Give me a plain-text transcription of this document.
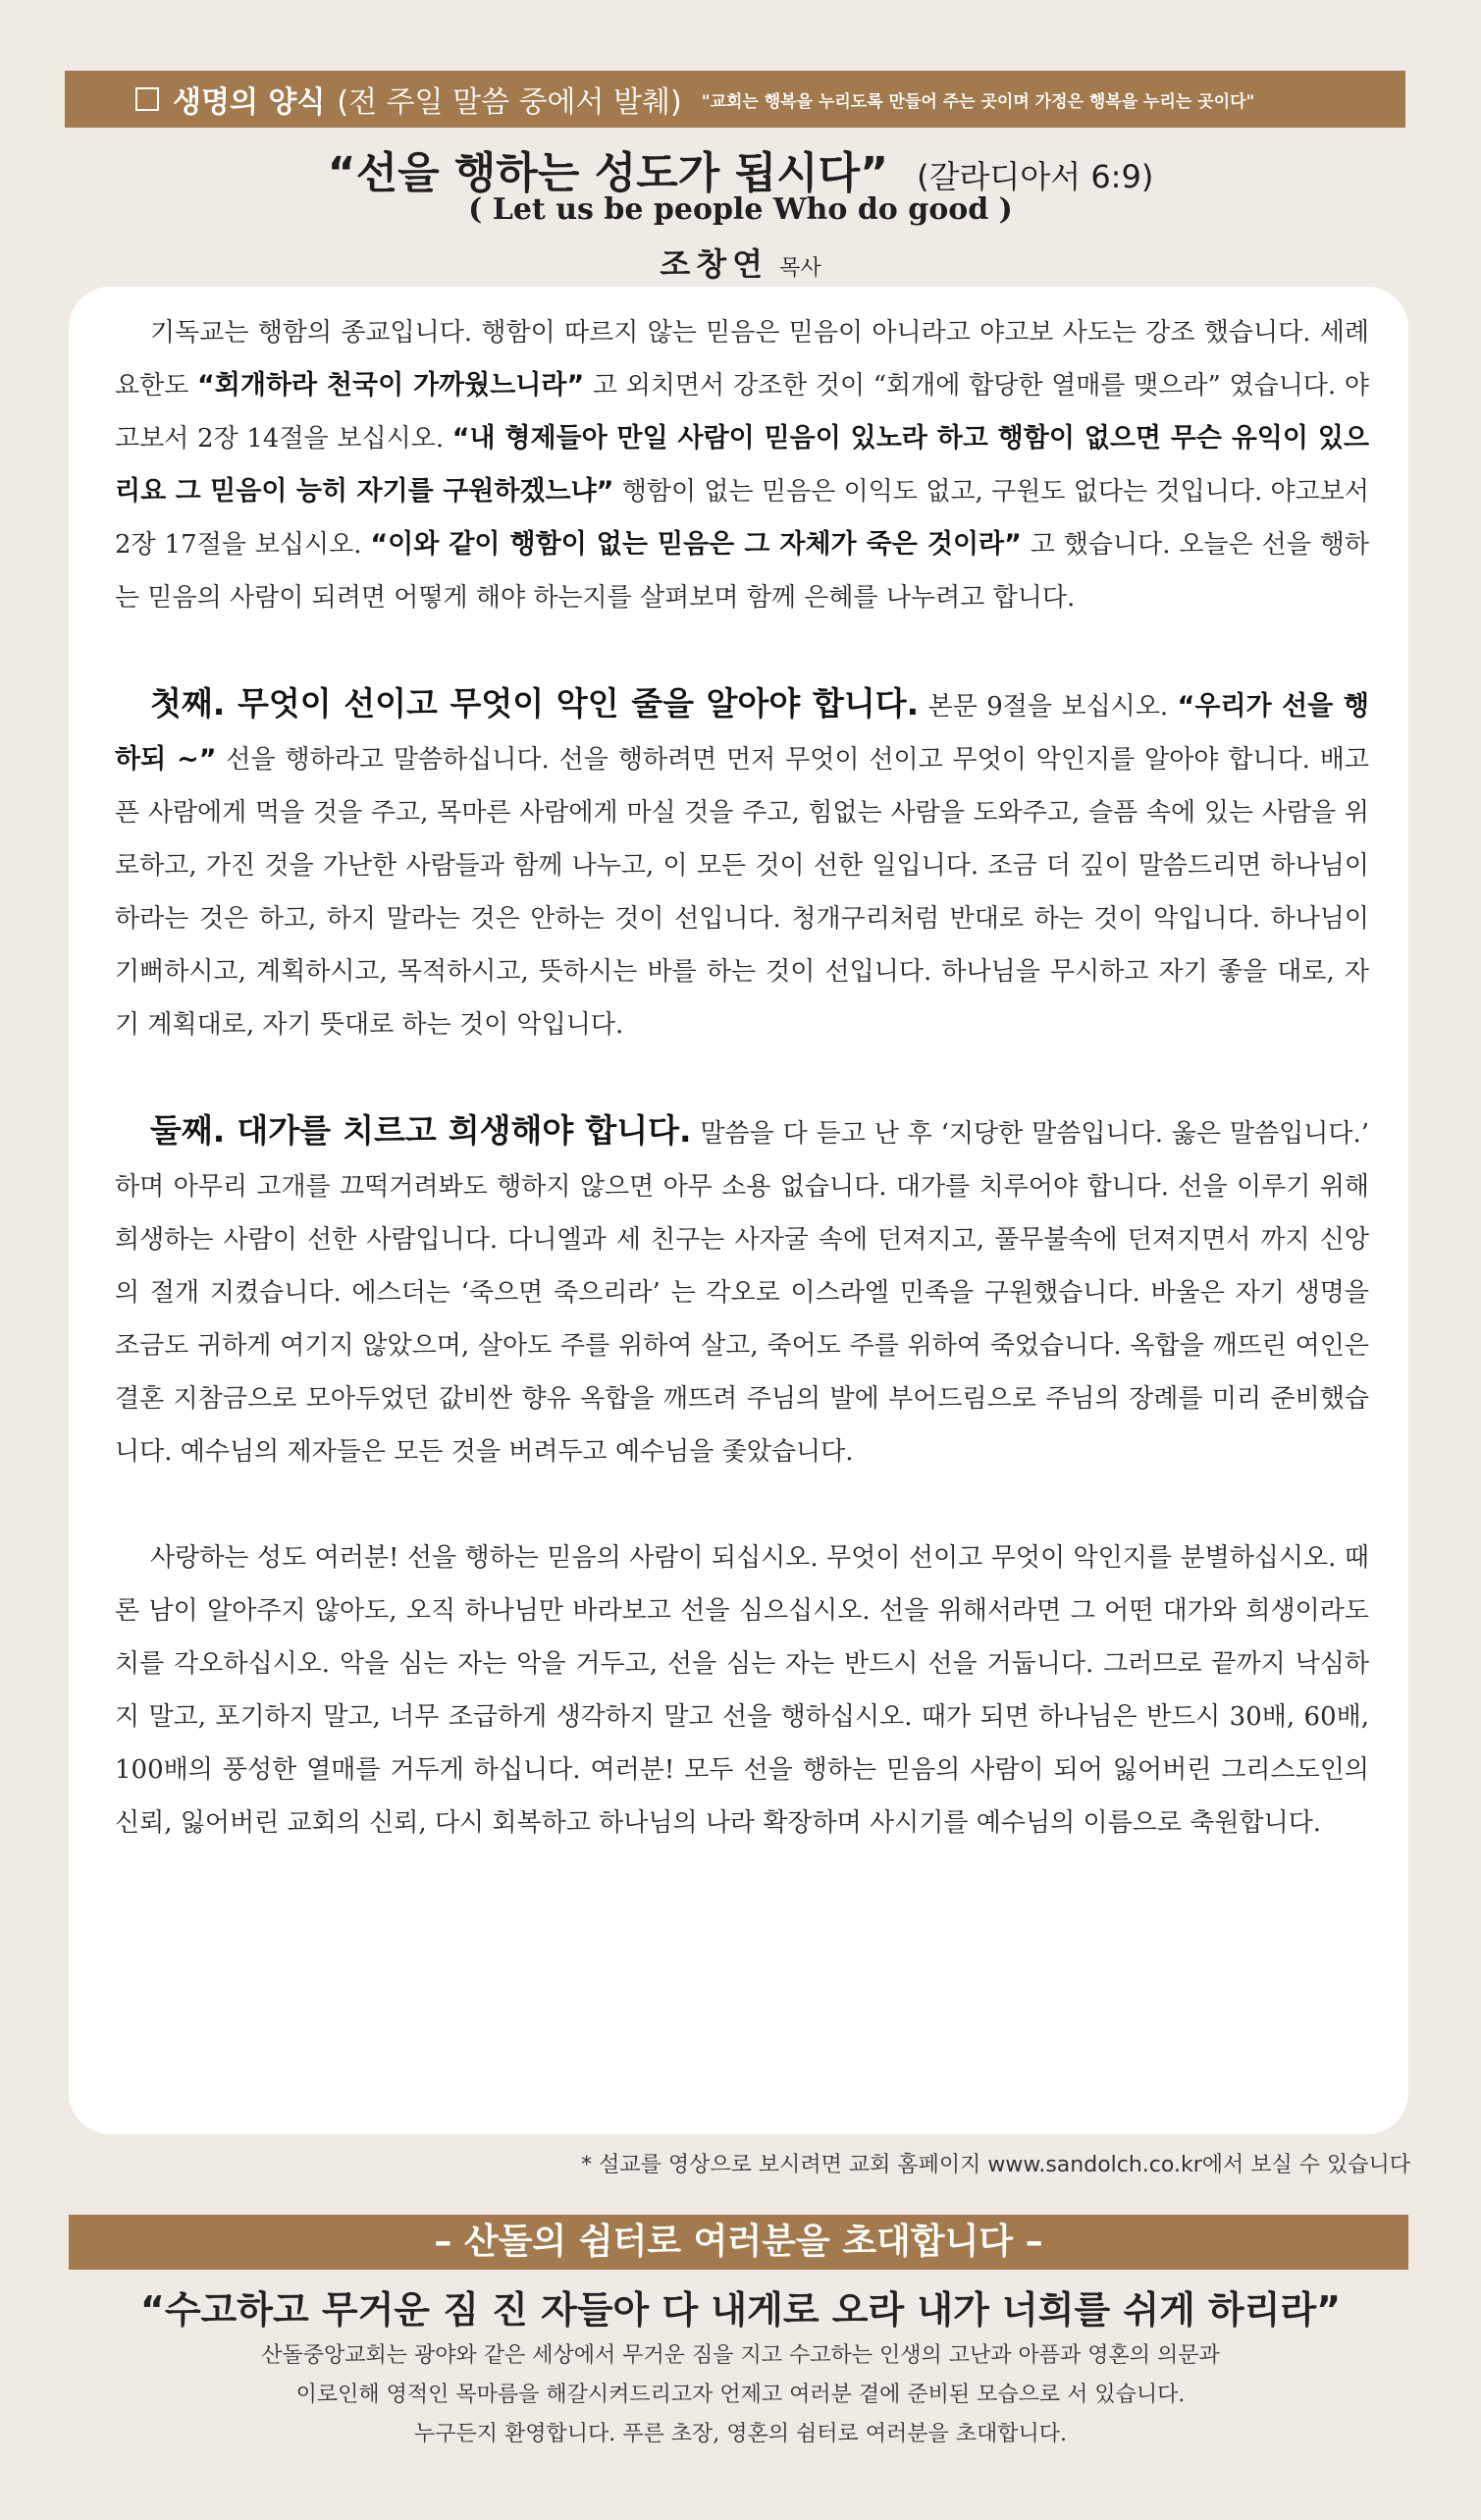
생명의 양식 (전 주일 말씀 중에서 발췌) "교회는 행복을 누리도록 만들어 주는 곳이며 가정은 행복을 누리는 곳이다"
“선을 행하는 성도가 됩시다” (갈라디아서 6:9)
( Let us be people Who do good )
조창연 목사

기독교는 행함의 종교입니다. 행함이 따르지 않는 믿음은 믿음이 아니라고 야고보 사도는 강조 했습니다. 세례요한도 “회개하라 천국이 가까웠느니라” 고 외치면서 강조한 것이 “회개에 합당한 열매를 맺으라” 였습니다. 야고보서 2장 14절을 보십시오. “내 형제들아 만일 사람이 믿음이 있노라 하고 행함이 없으면 무슨 유익이 있으리요 그 믿음이 능히 자기를 구원하겠느냐” 행함이 없는 믿음은 이익도 없고, 구원도 없다는 것입니다. 야고보서 2장 17절을 보십시오. “이와 같이 행함이 없는 믿음은 그 자체가 죽은 것이라” 고 했습니다. 오늘은 선을 행하는 믿음의 사람이 되려면 어떻게 해야 하는지를 살펴보며 함께 은혜를 나누려고 합니다.

첫째. 무엇이 선이고 무엇이 악인 줄을 알아야 합니다. 본문 9절을 보십시오. “우리가 선을 행하되 ~” 선을 행하라고 말씀하십니다. 선을 행하려면 먼저 무엇이 선이고 무엇이 악인지를 알아야 합니다. 배고픈 사람에게 먹을 것을 주고, 목마른 사람에게 마실 것을 주고, 힘없는 사람을 도와주고, 슬픔 속에 있는 사람을 위로하고, 가진 것을 가난한 사람들과 함께 나누고, 이 모든 것이 선한 일입니다. 조금 더 깊이 말씀드리면 하나님이 하라는 것은 하고, 하지 말라는 것은 안하는 것이 선입니다. 청개구리처럼 반대로 하는 것이 악입니다. 하나님이 기뻐하시고, 계획하시고, 목적하시고, 뜻하시는 바를 하는 것이 선입니다. 하나님을 무시하고 자기 좋을 대로, 자기 계획대로, 자기 뜻대로 하는 것이 악입니다.

둘째. 대가를 치르고 희생해야 합니다. 말씀을 다 듣고 난 후 ‘지당한 말씀입니다. 옳은 말씀입니다.’ 하며 아무리 고개를 끄떡거려봐도 행하지 않으면 아무 소용 없습니다. 대가를 치루어야 합니다. 선을 이루기 위해 희생하는 사람이 선한 사람입니다. 다니엘과 세 친구는 사자굴 속에 던져지고, 풀무불속에 던져지면서 까지 신앙의 절개 지켰습니다. 에스더는 ‘죽으면 죽으리라’ 는 각오로 이스라엘 민족을 구원했습니다. 바울은 자기 생명을 조금도 귀하게 여기지 않았으며, 살아도 주를 위하여 살고, 죽어도 주를 위하여 죽었습니다. 옥합을 깨뜨린 여인은 결혼 지참금으로 모아두었던 값비싼 향유 옥합을 깨뜨려 주님의 발에 부어드림으로 주님의 장례를 미리 준비했습니다. 예수님의 제자들은 모든 것을 버려두고 예수님을 좇았습니다.

사랑하는 성도 여러분! 선을 행하는 믿음의 사람이 되십시오. 무엇이 선이고 무엇이 악인지를 분별하십시오. 때론 남이 알아주지 않아도, 오직 하나님만 바라보고 선을 심으십시오. 선을 위해서라면 그 어떤 대가와 희생이라도 치를 각오하십시오. 악을 심는 자는 악을 거두고, 선을 심는 자는 반드시 선을 거둡니다. 그러므로 끝까지 낙심하지 말고, 포기하지 말고, 너무 조급하게 생각하지 말고 선을 행하십시오. 때가 되면 하나님은 반드시 30배, 60배, 100배의 풍성한 열매를 거두게 하십니다. 여러분! 모두 선을 행하는 믿음의 사람이 되어 잃어버린 그리스도인의 신뢰, 잃어버린 교회의 신뢰, 다시 회복하고 하나님의 나라 확장하며 사시기를 예수님의 이름으로 축원합니다.

* 설교를 영상으로 보시려면 교회 홈페이지 www.sandolch.co.kr에서 보실 수 있습니다
– 산돌의 쉼터로 여러분을 초대합니다 –
“수고하고 무거운 짐 진 자들아 다 내게로 오라 내가 너희를 쉬게 하리라”
산돌중앙교회는 광야와 같은 세상에서 무거운 짐을 지고 수고하는 인생의 고난과 아픔과 영혼의 의문과
이로인해 영적인 목마름을 해갈시켜드리고자 언제고 여러분 곁에 준비된 모습으로 서 있습니다.
누구든지 환영합니다. 푸른 초장, 영혼의 쉼터로 여러분을 초대합니다.
